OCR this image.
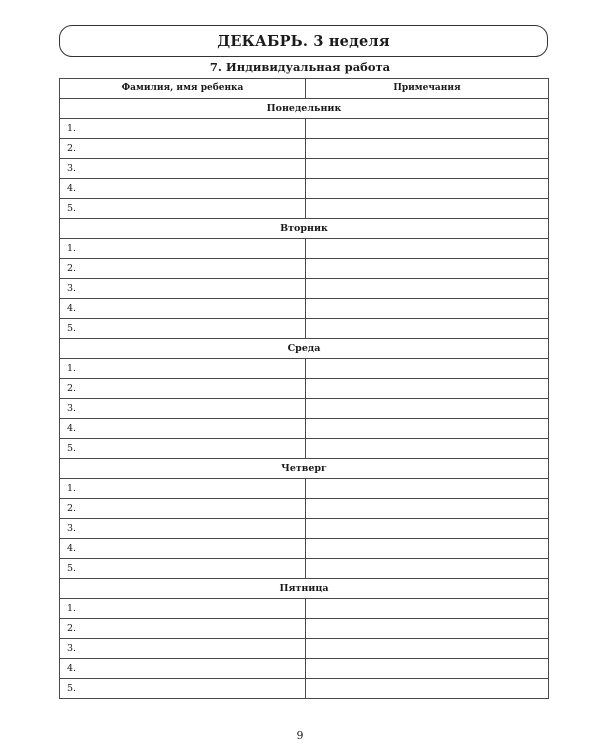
ДЕКАБРЬ. 3 неделя
7. Индивидуальная работа
Фамилия, имя ребенка	Примечания
Понедельник	
1.	
2.	
3.	
4.	
5.	
Вторник	
1.	
2.	
3.	
4.	
5.	
Среда	
1.	
2.	
3.	
4.	
5.	
Четверг	
1.	
2.	
3.	
4.	
5.	
Пятница	
1.	
2.	
3.	
4.	
5.	
9
